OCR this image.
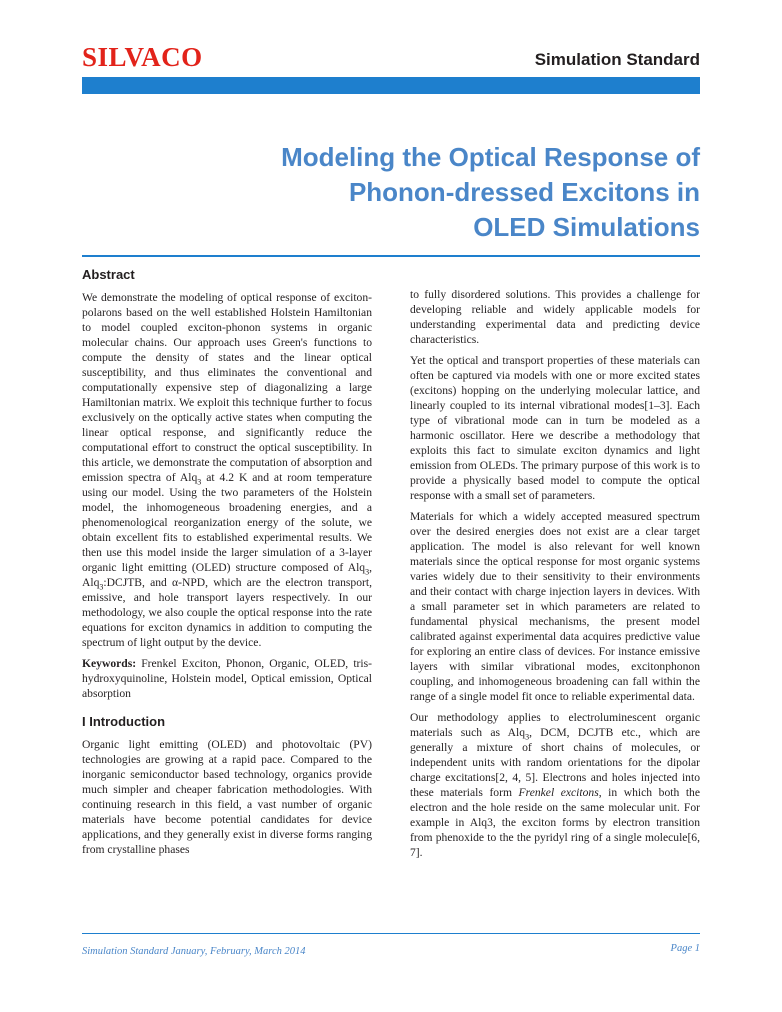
SILVACO	Simulation Standard
Modeling the Optical Response of
Phonon-dressed Excitons in
OLED Simulations
Abstract

We demonstrate the modeling of optical response of exciton-polarons based on the well established Holstein Hamiltonian to model coupled exciton-phonon systems in organic molecular chains. Our approach uses Green's functions to compute the density of states and the linear optical susceptibility, and thus eliminates the conventional and computationally expensive step of diagonalizing a large Hamiltonian matrix. We exploit this technique further to focus exclusively on the optically active states when computing the linear optical response, and significantly reduce the computational effort to construct the optical susceptibility. In this article, we demonstrate the computation of absorption and emission spectra of Alq$_3$ at 4.2 K and at room temperature using our model. Using the two parameters of the Holstein model, the inhomogeneous broadening energies, and a phenomenological reorganization energy of the solute, we obtain excellent fits to established experimental results. We then use this model inside the larger simulation of a 3-layer organic light emitting (OLED) structure composed of Alq$_3$, Alq$_3$:DCJTB, and α-NPD, which are the electron transport, emissive, and hole transport layers respectively. In our methodology, we also couple the optical response into the rate equations for exciton dynamics in addition to computing the spectrum of light output by the device.

Keywords: Frenkel Exciton, Phonon, Organic, OLED, tris-hydroxyquinoline, Holstein model, Optical emission, Optical absorption

I Introduction

Organic light emitting (OLED) and photovoltaic (PV) technologies are growing at a rapid pace. Compared to the inorganic semiconductor based technology, organics provide much simpler and cheaper fabrication methodologies. With continuing research in this field, a vast number of organic materials have become potential candidates for device applications, and they generally exist in diverse forms ranging from crystalline phases

to fully disordered solutions. This provides a challenge for developing reliable and widely applicable models for understanding experimental data and predicting device characteristics.

Yet the optical and transport properties of these materials can often be captured via models with one or more excited states (excitons) hopping on the underlying molecular lattice, and linearly coupled to its internal vibrational modes[1–3]. Each type of vibrational mode can in turn be modeled as a harmonic oscillator. Here we describe a methodology that exploits this fact to simulate exciton dynamics and light emission from OLEDs. The primary purpose of this work is to provide a physically based model to compute the optical response with a small set of parameters.

Materials for which a widely accepted measured spectrum over the desired energies does not exist are a clear target application. The model is also relevant for well known materials since the optical response for most organic systems varies widely due to their sensitivity to their environments and their contact with charge injection layers in devices. With a small parameter set in which parameters are related to fundamental physical mechanisms, the present model calibrated against experimental data acquires predictive value for exploring an entire class of devices. For instance emissive layers with similar vibrational modes, excitonphonon coupling, and inhomogeneous broadening can fall within the range of a single model fit once to reliable experimental data.

Our methodology applies to electroluminescent organic materials such as Alq$_3$, DCM, DCJTB etc., which are generally a mixture of short chains of molecules, or independent units with random orientations for the dipolar charge excitations[2, 4, 5]. Electrons and holes injected into these materials form Frenkel excitons, in which both the electron and the hole reside on the same molecular unit. For example in Alq3, the exciton forms by electron transition from phenoxide to the the pyridyl ring of a single molecule[6, 7].

Simulation Standard January, February, March 2014	Page 1
